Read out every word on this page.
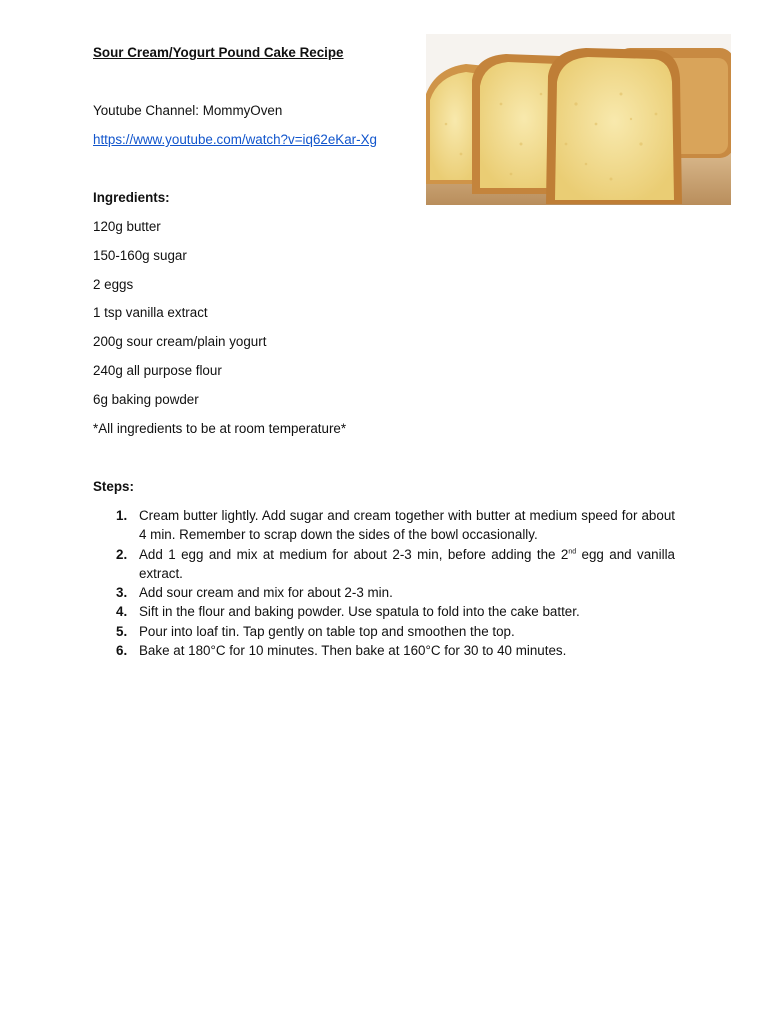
Sour Cream/Yogurt Pound Cake Recipe
Youtube Channel: MommyOven
https://www.youtube.com/watch?v=iq62eKar-Xg
Ingredients:
120g butter
150-160g sugar
2 eggs
1 tsp vanilla extract
200g sour cream/plain yogurt
240g all purpose flour
6g baking powder
*All ingredients to be at room temperature*
Steps:
1. Cream butter lightly. Add sugar and cream together with butter at medium speed for about 4 min. Remember to scrap down the sides of the bowl occasionally.
2. Add 1 egg and mix at medium for about 2-3 min, before adding the 2nd egg and vanilla extract.
3. Add sour cream and mix for about 2-3 min.
4. Sift in the flour and baking powder. Use spatula to fold into the cake batter.
5. Pour into loaf tin. Tap gently on table top and smoothen the top.
6. Bake at 180°C for 10 minutes. Then bake at 160°C for 30 to 40 minutes.
